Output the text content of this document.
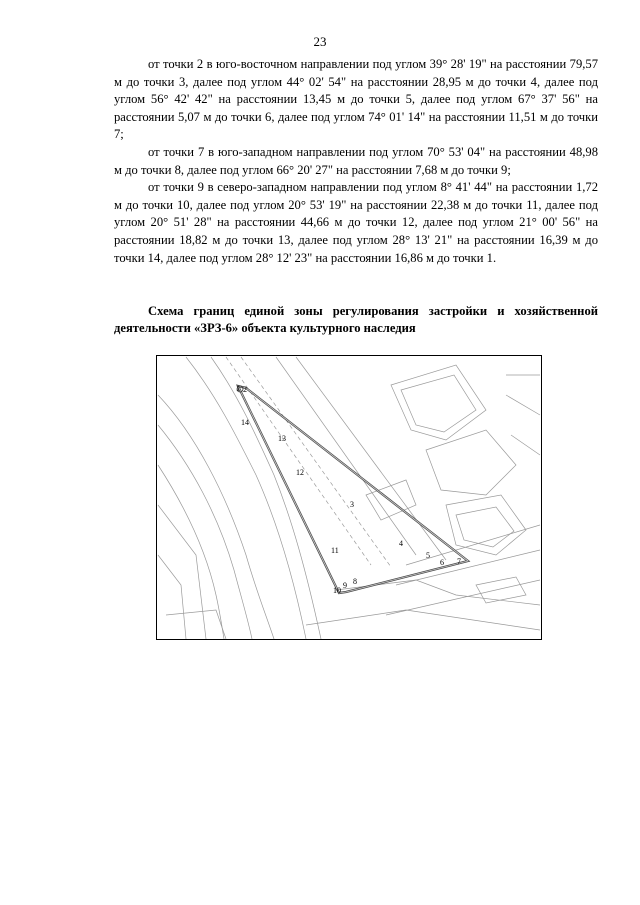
23

от точки 2 в юго-восточном направлении под углом 39° 28' 19" на расстоянии 79,57 м до точки 3, далее под углом 44° 02' 54" на расстоянии 28,95 м до точки 4, далее под углом 56° 42' 42" на расстоянии 13,45 м до точки 5, далее под углом 67° 37' 56" на расстоянии 5,07 м до точки 6, далее под углом 74° 01' 14" на расстоянии 11,51 м до точки 7;

от точки 7 в юго-западном направлении под углом 70° 53' 04" на расстоянии 48,98 м до точки 8, далее под углом 66° 20' 27" на расстоянии 7,68 м до точки 9;

от точки 9 в северо-западном направлении под углом 8° 41' 44" на расстоянии 1,72 м до точки 10, далее под углом 20° 53' 19" на расстоянии 22,38 м до точки 11, далее под углом 20° 51' 28" на расстоянии 44,66 м до точки 12, далее под углом 21° 00' 56" на расстоянии 18,82 м до точки 13, далее под углом 28° 13' 21" на расстоянии 16,39 м до точки 14, далее под углом 28° 12' 23" на расстоянии 16,86 м до точки 1.

Схема границ единой зоны регулирования застройки и хозяйственной деятельности «ЗРЗ-6» объекта культурного наследия
1 2
3
4
5
6 7
8
9
10
11
12
13
14
